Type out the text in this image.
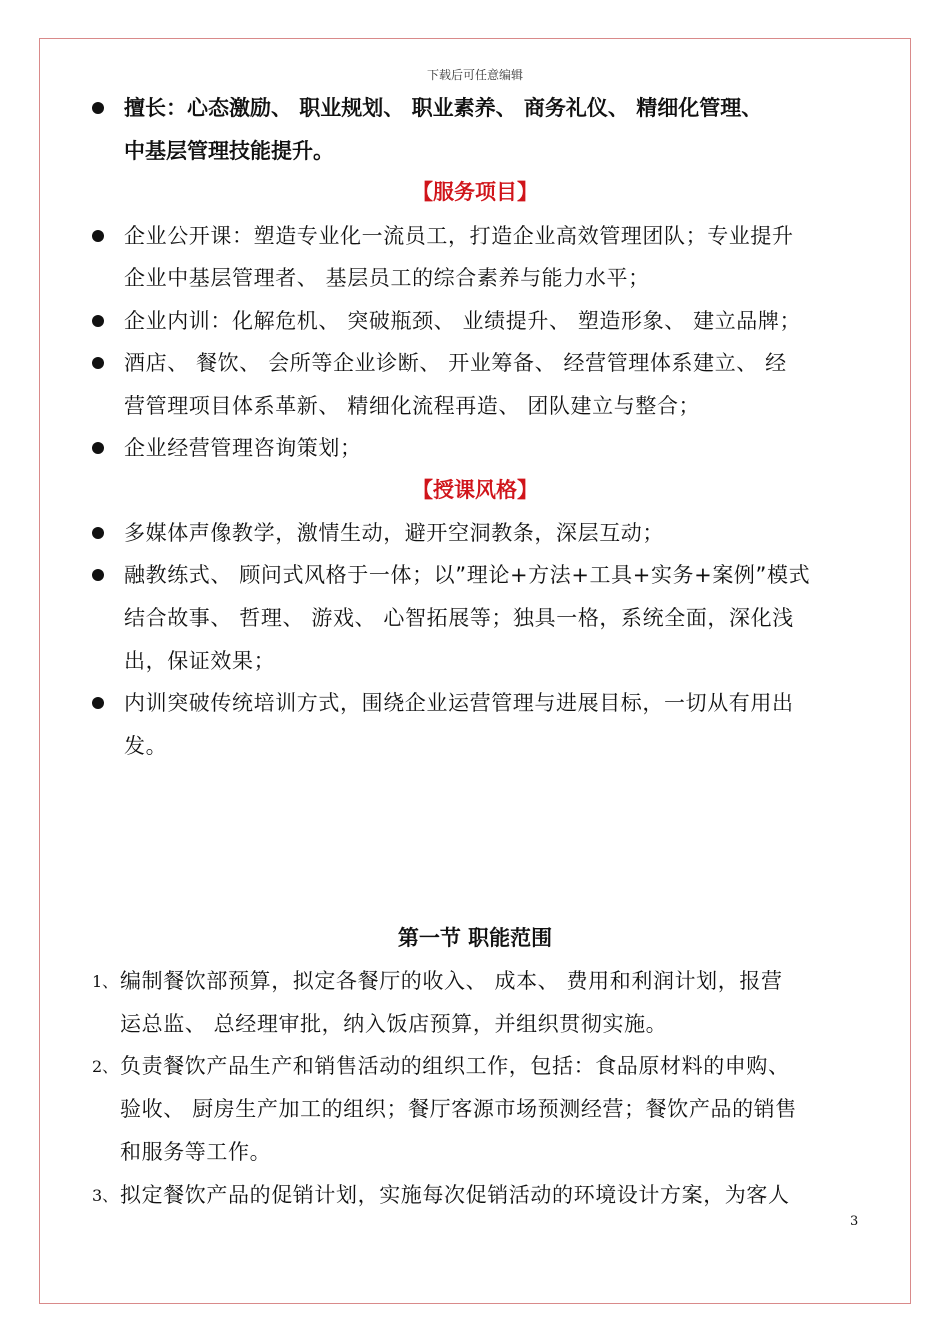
下载后可任意编辑
擅长：心态激励、 职业规划、 职业素养、 商务礼仪、 精细化管理、
中基层管理技能提升。
【服务项目】
企业公开课：塑造专业化一流员工，打造企业高效管理团队；专业提升
企业中基层管理者、 基层员工的综合素养与能力水平；
企业内训：化解危机、 突破瓶颈、 业绩提升、 塑造形象、 建立品牌；
酒店、 餐饮、 会所等企业诊断、 开业筹备、 经营管理体系建立、 经
营管理项目体系革新、 精细化流程再造、 团队建立与整合；
企业经营管理咨询策划；
【授课风格】
多媒体声像教学，激情生动，避开空洞教条，深层互动；
融教练式、 顾问式风格于一体；以”理论+方法+工具+实务+案例”模式
结合故事、 哲理、 游戏、 心智拓展等；独具一格，系统全面，深化浅
出，保证效果；
内训突破传统培训方式，围绕企业运营管理与进展目标，一切从有用出
发。
第一节 职能范围
1、 编制餐饮部预算，拟定各餐厅的收入、 成本、 费用和利润计划，报营
运总监、 总经理审批，纳入饭店预算，并组织贯彻实施。
2、 负责餐饮产品生产和销售活动的组织工作，包括：食品原材料的申购、
验收、 厨房生产加工的组织；餐厅客源市场预测经营；餐饮产品的销售
和服务等工作。
3、 拟定餐饮产品的促销计划，实施每次促销活动的环境设计方案，为客人
3
